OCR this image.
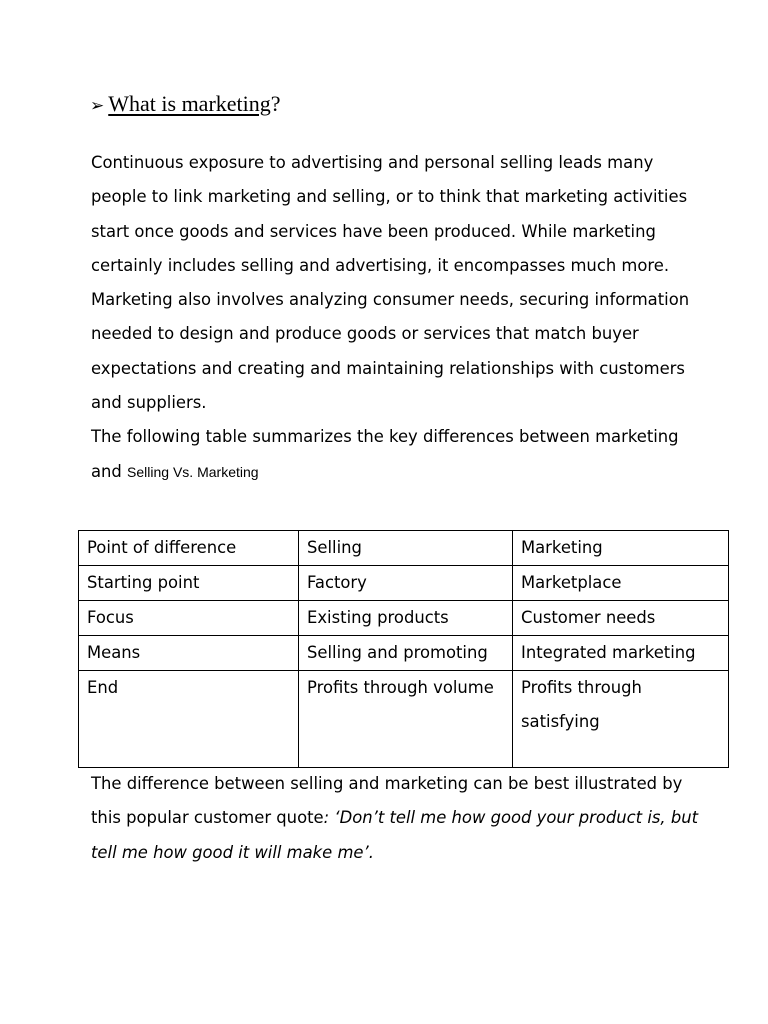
➢ What is marketing?

Continuous exposure to advertising and personal selling leads many people to link marketing and selling, or to think that marketing activities start once goods and services have been produced. While marketing certainly includes selling and advertising, it encompasses much more. Marketing also involves analyzing consumer needs, securing information needed to design and produce goods or services that match buyer expectations and creating and maintaining relationships with customers and suppliers.

The following table summarizes the key differences between marketing and Selling Vs. Marketing

Point of difference	Selling	Marketing
Starting point	Factory	Marketplace
Focus	Existing products	Customer needs
Means	Selling and promoting	Integrated marketing
End	Profits through volume	Profits through satisfying

The difference between selling and marketing can be best illustrated by this popular customer quote: ‘Don’t tell me how good your product is, but tell me how good it will make me’.
